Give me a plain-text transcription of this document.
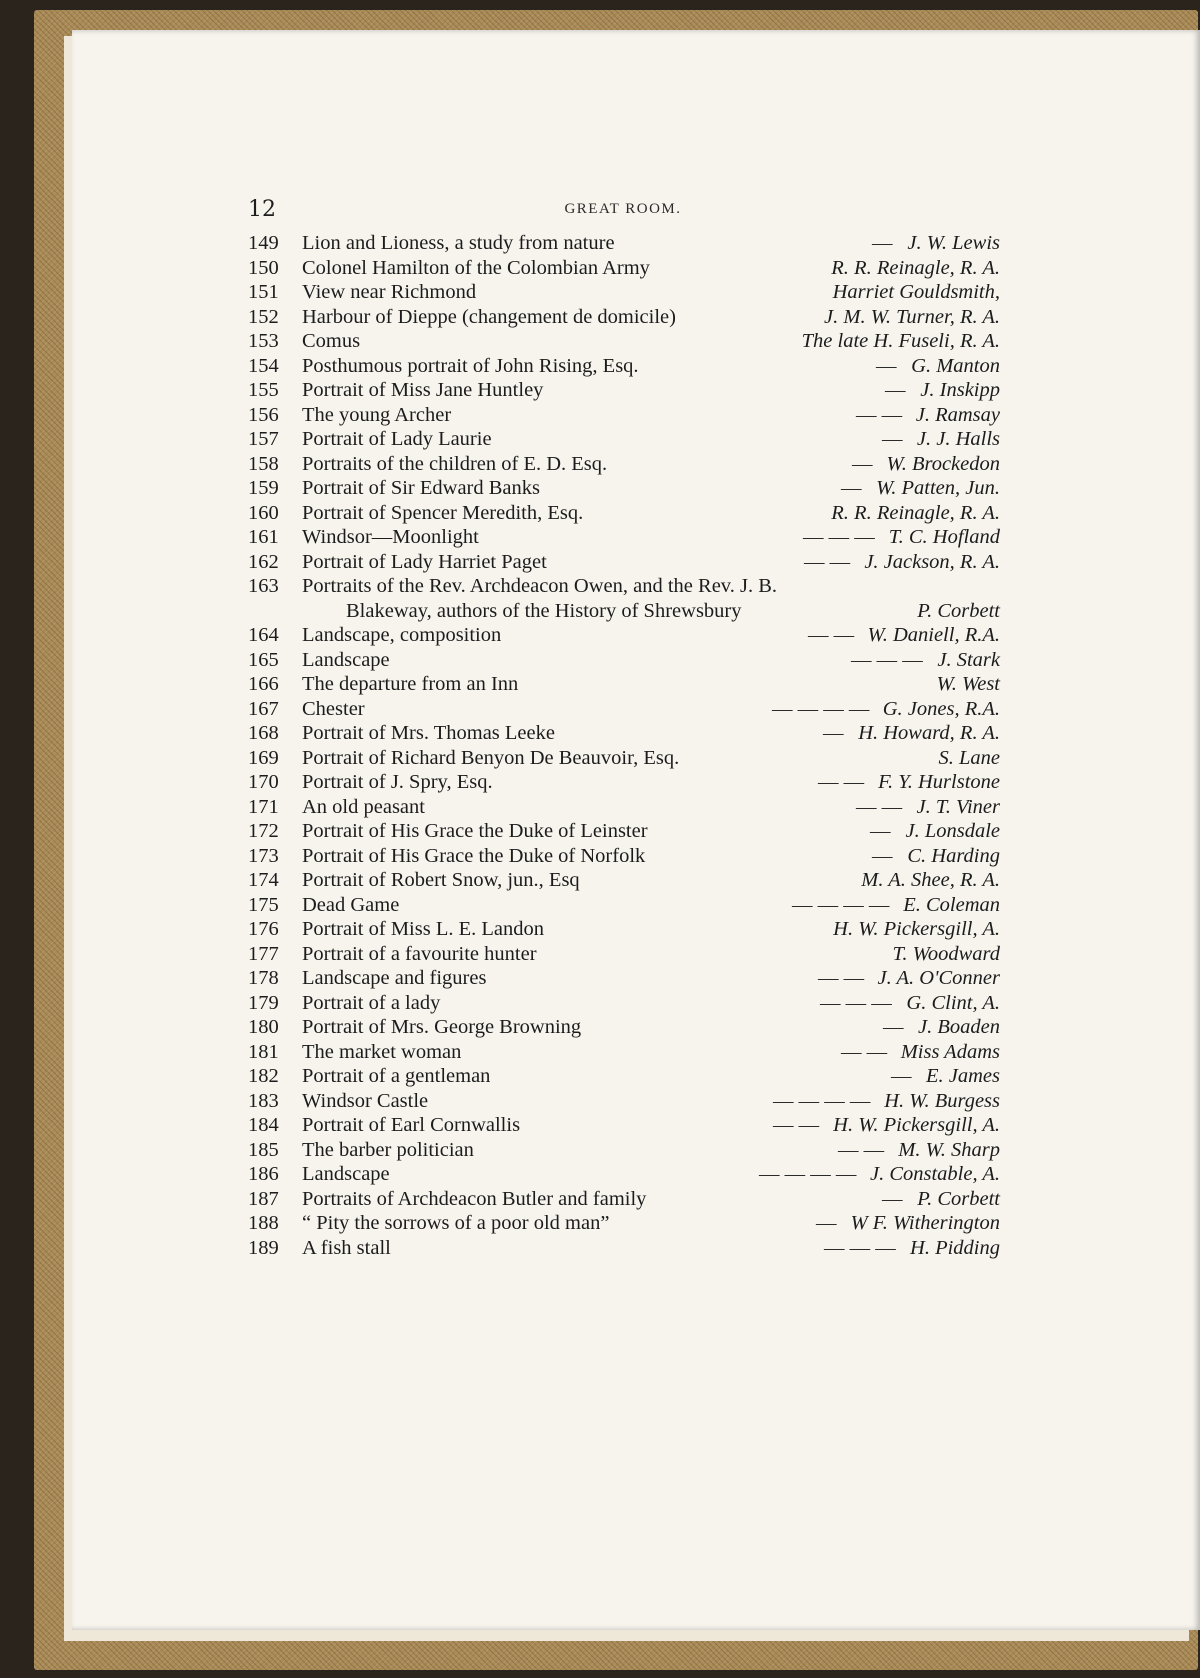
12	GREAT ROOM.
149	Lion and Lioness, a study from nature	— J. W. Lewis
150	Colonel Hamilton of the Colombian Army	R. R. Reinagle, R. A.
151	View near Richmond	Harriet Gouldsmith,
152	Harbour of Dieppe (changement de domicile)	J. M. W. Turner, R. A.
153	Comus	The late H. Fuseli, R. A.
154	Posthumous portrait of John Rising, Esq.	— G. Manton
155	Portrait of Miss Jane Huntley	— J. Inskipp
156	The young Archer	— — J. Ramsay
157	Portrait of Lady Laurie	— J. J. Halls
158	Portraits of the children of E. D. Esq.	— W. Brockedon
159	Portrait of Sir Edward Banks	— W. Patten, Jun.
160	Portrait of Spencer Meredith, Esq.	R. R. Reinagle, R. A.
161	Windsor—Moonlight	— — — T. C. Hofland
162	Portrait of Lady Harriet Paget	— — J. Jackson, R. A.
163	Portraits of the Rev. Archdeacon Owen, and the Rev. J. B.
Blakeway, authors of the History of Shrewsbury	P. Corbett
164	Landscape, composition	— — W. Daniell, R.A.
165	Landscape	— — — J. Stark
166	The departure from an Inn	W. West
167	Chester	— — — — G. Jones, R.A.
168	Portrait of Mrs. Thomas Leeke	— H. Howard, R. A.
169	Portrait of Richard Benyon De Beauvoir, Esq.	S. Lane
170	Portrait of J. Spry, Esq.	— — F. Y. Hurlstone
171	An old peasant	— — J. T. Viner
172	Portrait of His Grace the Duke of Leinster	— J. Lonsdale
173	Portrait of His Grace the Duke of Norfolk	— C. Harding
174	Portrait of Robert Snow, jun., Esq	M. A. Shee, R. A.
175	Dead Game	— — — — E. Coleman
176	Portrait of Miss L. E. Landon	H. W. Pickersgill, A.
177	Portrait of a favourite hunter	T. Woodward
178	Landscape and figures	— — J. A. O'Conner
179	Portrait of a lady	— — — G. Clint, A.
180	Portrait of Mrs. George Browning	— J. Boaden
181	The market woman	— — Miss Adams
182	Portrait of a gentleman	— E. James
183	Windsor Castle	— — — — H. W. Burgess
184	Portrait of Earl Cornwallis	— — H. W. Pickersgill, A.
185	The barber politician	— — M. W. Sharp
186	Landscape	— — — — J. Constable, A.
187	Portraits of Archdeacon Butler and family	— P. Corbett
188	“ Pity the sorrows of a poor old man”	— W F. Witherington
189	A fish stall	— — — H. Pidding
